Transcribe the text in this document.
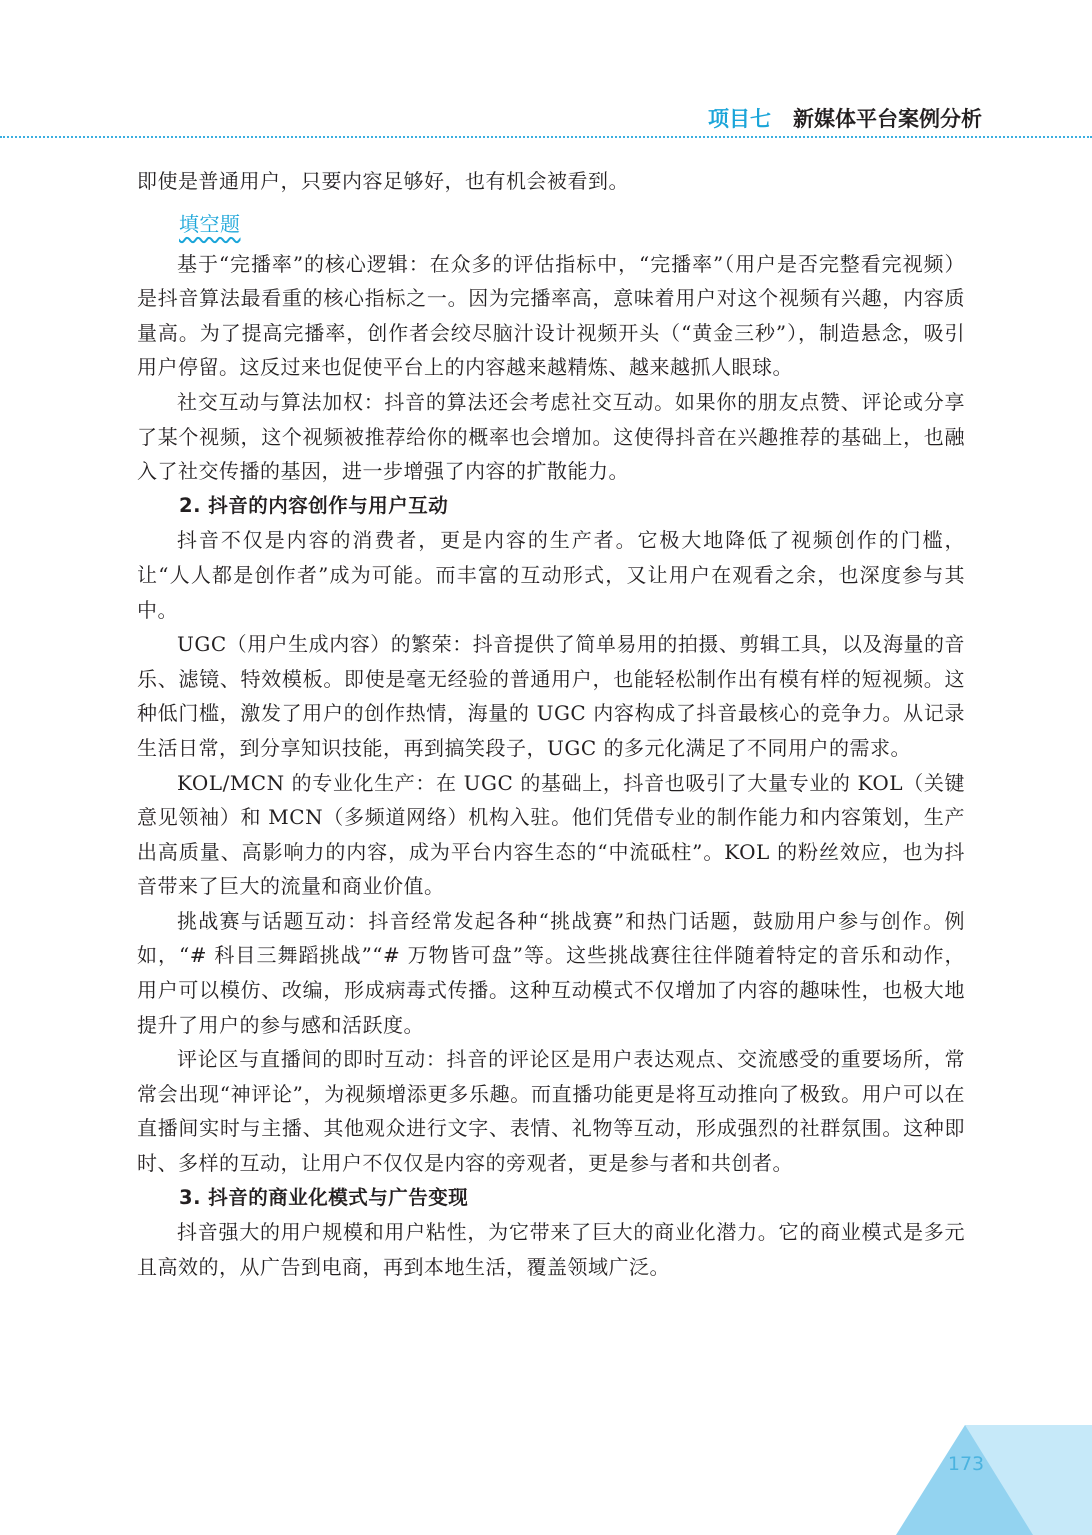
项目七 新媒体平台案例分析

即使是普通用户，只要内容足够好，也有机会被看到。

填空题

基于“完播率”的核心逻辑：在众多的评估指标中，“完播率”（用户是否完整看完视频）是抖音算法最看重的核心指标之一。因为完播率高，意味着用户对这个视频有兴趣，内容质量高。为了提高完播率，创作者会绞尽脑汁设计视频开头（“黄金三秒”），制造悬念，吸引用户停留。这反过来也促使平台上的内容越来越精炼、越来越抓人眼球。

社交互动与算法加权：抖音的算法还会考虑社交互动。如果你的朋友点赞、评论或分享了某个视频，这个视频被推荐给你的概率也会增加。这使得抖音在兴趣推荐的基础上，也融入了社交传播的基因，进一步增强了内容的扩散能力。

2. 抖音的内容创作与用户互动

抖音不仅是内容的消费者，更是内容的生产者。它极大地降低了视频创作的门槛，让“人人都是创作者”成为可能。而丰富的互动形式，又让用户在观看之余，也深度参与其中。

UGC（用户生成内容）的繁荣：抖音提供了简单易用的拍摄、剪辑工具，以及海量的音乐、滤镜、特效模板。即使是毫无经验的普通用户，也能轻松制作出有模有样的短视频。这种低门槛，激发了用户的创作热情，海量的 UGC 内容构成了抖音最核心的竞争力。从记录生活日常，到分享知识技能，再到搞笑段子，UGC 的多元化满足了不同用户的需求。

KOL/MCN 的专业化生产：在 UGC 的基础上，抖音也吸引了大量专业的 KOL（关键意见领袖）和 MCN（多频道网络）机构入驻。他们凭借专业的制作能力和内容策划，生产出高质量、高影响力的内容，成为平台内容生态的“中流砥柱”。KOL 的粉丝效应，也为抖音带来了巨大的流量和商业价值。

挑战赛与话题互动：抖音经常发起各种“挑战赛”和热门话题，鼓励用户参与创作。例如，“# 科目三舞蹈挑战”“# 万物皆可盘”等。这些挑战赛往往伴随着特定的音乐和动作，用户可以模仿、改编，形成病毒式传播。这种互动模式不仅增加了内容的趣味性，也极大地提升了用户的参与感和活跃度。

评论区与直播间的即时互动：抖音的评论区是用户表达观点、交流感受的重要场所，常常会出现“神评论”，为视频增添更多乐趣。而直播功能更是将互动推向了极致。用户可以在直播间实时与主播、其他观众进行文字、表情、礼物等互动，形成强烈的社群氛围。这种即时、多样的互动，让用户不仅仅是内容的旁观者，更是参与者和共创者。

3. 抖音的商业化模式与广告变现

抖音强大的用户规模和用户粘性，为它带来了巨大的商业化潜力。它的商业模式是多元且高效的，从广告到电商，再到本地生活，覆盖领域广泛。

173
